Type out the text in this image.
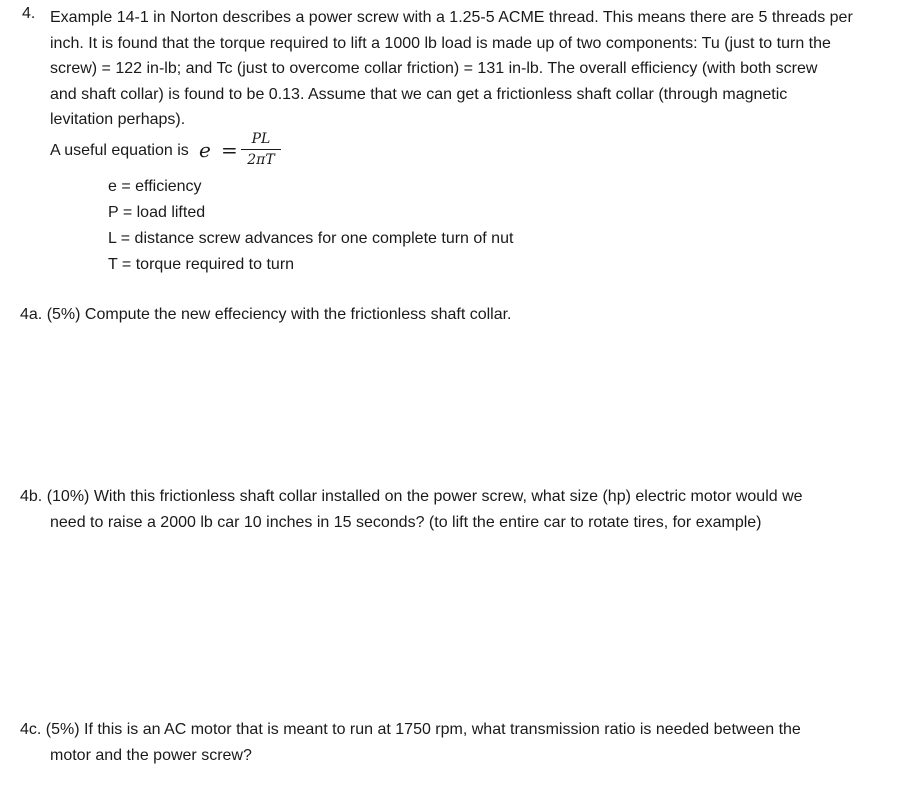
4. Example 14-1 in Norton describes a power screw with a 1.25-5 ACME thread. This means there are 5 threads per
inch. It is found that the torque required to lift a 1000 lb load is made up of two components: Tu (just to turn the
screw) = 122 in-lb; and Tc (just to overcome collar friction) = 131 in-lb. The overall efficiency (with both screw
and shaft collar) is found to be 0.13. Assume that we can get a frictionless shaft collar (through magnetic
levitation perhaps).
A useful equation is e = PL
2πT
e = efficiency
P = load lifted
L = distance screw advances for one complete turn of nut
T = torque required to turn
4a. (5%) Compute the new effeciency with the frictionless shaft collar.
4b. (10%) With this frictionless shaft collar installed on the power screw, what size (hp) electric motor would we
need to raise a 2000 lb car 10 inches in 15 seconds? (to lift the entire car to rotate tires, for example)
4c. (5%) If this is an AC motor that is meant to run at 1750 rpm, what transmission ratio is needed between the
motor and the power screw?
